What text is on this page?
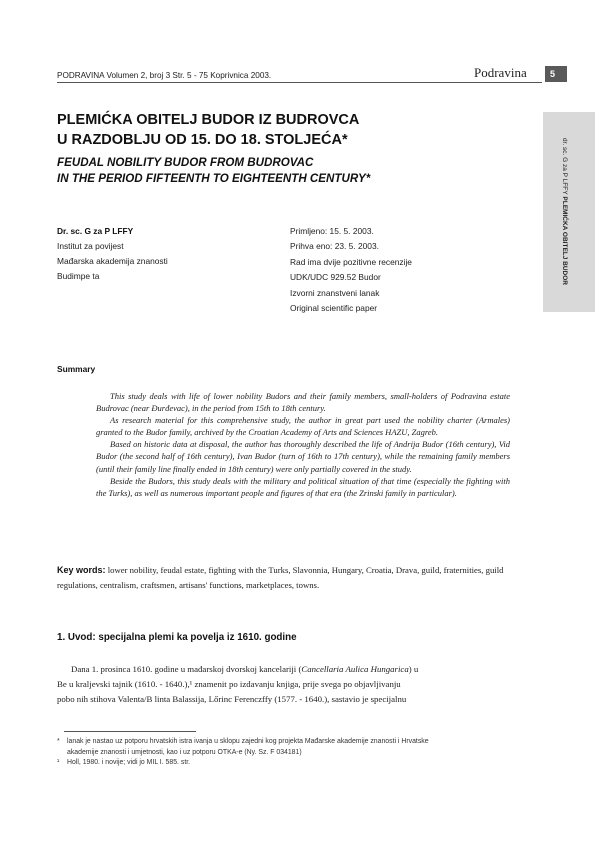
PODRAVINA Volumen 2, broj 3 Str. 5 - 75 Koprivnica 2003.	Podravina	5
dr. sc. G za P LFFY PLEMIĆKA OBITELJ BUDOR
PLEMIĆKA OBITELJ BUDOR IZ BUDROVCA
U RAZDOBLJU OD 15. DO 18. STOLJEĆA*
FEUDAL NOBILITY BUDOR FROM BUDROVAC
IN THE PERIOD FIFTEENTH TO EIGHTEENTH CENTURY*
Dr. sc. G za P LFFY
Institut za povijest
Mađarska akademija znanosti
Budimpe ta
Primljeno: 15. 5. 2003.
Prihva eno: 23. 5. 2003.
Rad ima dvije pozitivne recenzije
UDK/UDC 929.52 Budor
Izvorni znanstveni lanak
Original scientific paper
Summary

This study deals with life of lower nobility Budors and their family members, small-holders of Podravina estate Budrovac (near Đurđevac), in the period from 15th to 18th century.

As research material for this comprehensive study, the author in great part used the nobility charter (Armales) granted to the Budor family, archived by the Croatian Academy of Arts and Sciences HAZU, Zagreb.

Based on historic data at disposal, the author has thoroughly described the life of Andrija Budor (16th century), Vid Budor (the second half of 16th century), Ivan Budor (turn of 16th to 17th century), while the remaining family members (until their family line finally ended in 18th century) were only partially covered in the study.

Beside the Budors, this study deals with the military and political situation of that time (especially the fighting with the Turks), as well as numerous important people and figures of that era (the Zrinski family in particular).

Key words: lower nobility, feudal estate, fighting with the Turks, Slavonnia, Hungary, Croatia, Drava, guild, fraternities, guild regulations, centralism, craftsmen, artisans' functions, marketplaces, towns.
1. Uvod: specijalna plemi ka povelja iz 1610. godine
Dana 1. prosinca 1610. godine u mađarskoj dvorskoj kancelariji (Cancellaria Aulica Hungarica) u
Be u kraljevski tajnik (1610. - 1640.),¹ znamenit po izdavanju knjiga, prije svega po objavljivanju
pobo nih stihova Valenta/B linta Balassija, Lőrinc Ferenczffy (1577. - 1640.), sastavio je specijalnu
* lanak je nastao uz potporu hrvatskih istra ivanja u sklopu zajedni kog projekta Mađarske akademije znanosti i Hrvatske
akademije znanosti i umjetnosti, kao i uz potporu OTKA-e (Ny. Sz. F 034181)
¹ Holl, 1980. i novije; vidi jo MIL I. 585. str.
